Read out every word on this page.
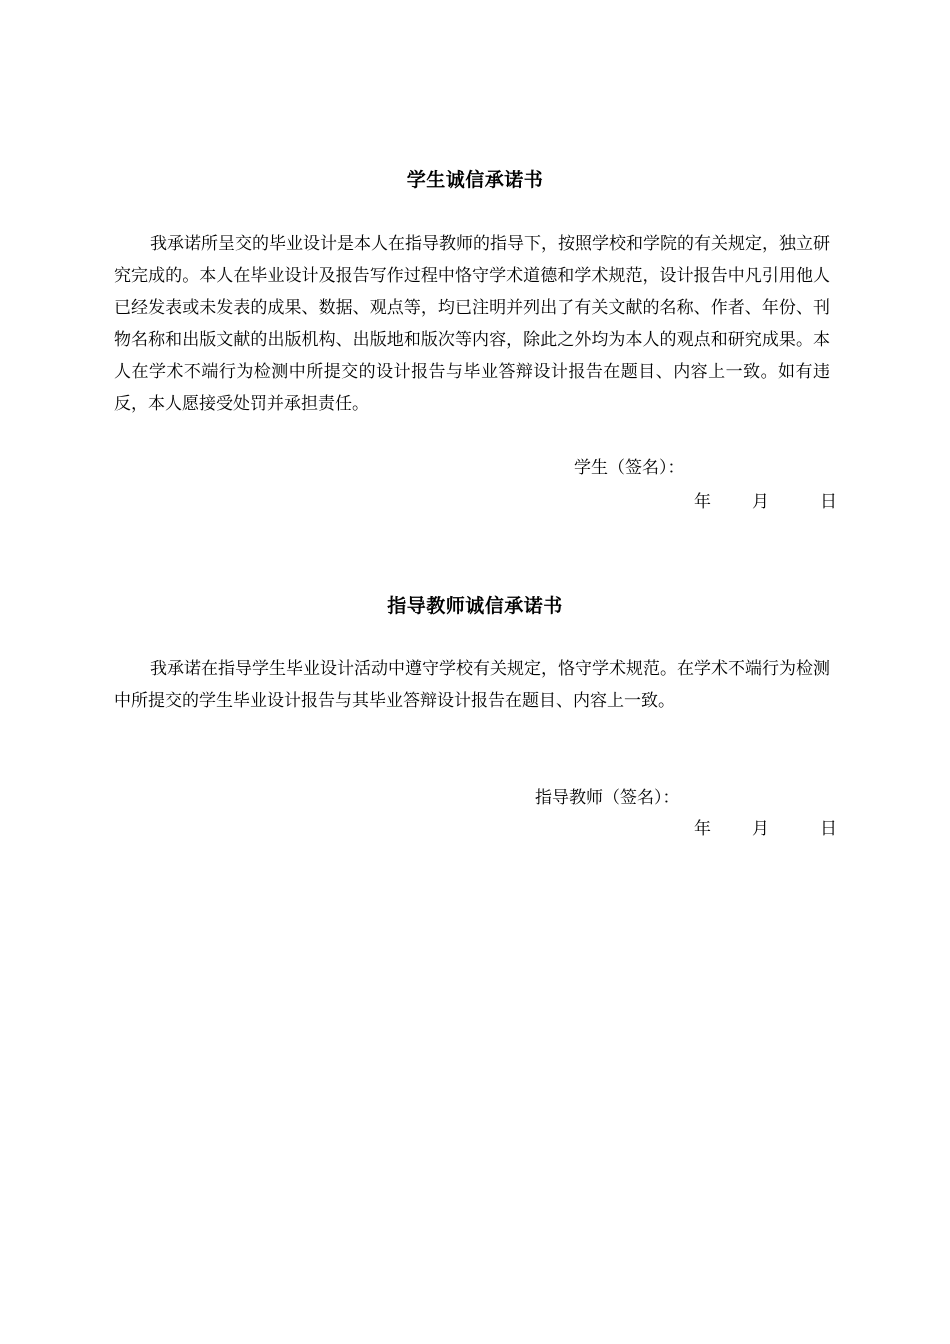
学生诚信承诺书

我承诺所呈交的毕业设计是本人在指导教师的指导下，按照学校和学院的有关规定，独立研究完成的。本人在毕业设计及报告写作过程中恪守学术道德和学术规范，设计报告中凡引用他人已经发表或未发表的成果、数据、观点等，均已注明并列出了有关文献的名称、作者、年份、刊物名称和出版文献的出版机构、出版地和版次等内容，除此之外均为本人的观点和研究成果。本人在学术不端行为检测中所提交的设计报告与毕业答辩设计报告在题目、内容上一致。如有违反，本人愿接受处罚并承担责任。

学生（签名）：
年 月	日
指导教师诚信承诺书

我承诺在指导学生毕业设计活动中遵守学校有关规定，恪守学术规范。在学术不端行为检测中所提交的学生毕业设计报告与其毕业答辩设计报告在题目、内容上一致。

指导教师（签名）：
年 月	日
